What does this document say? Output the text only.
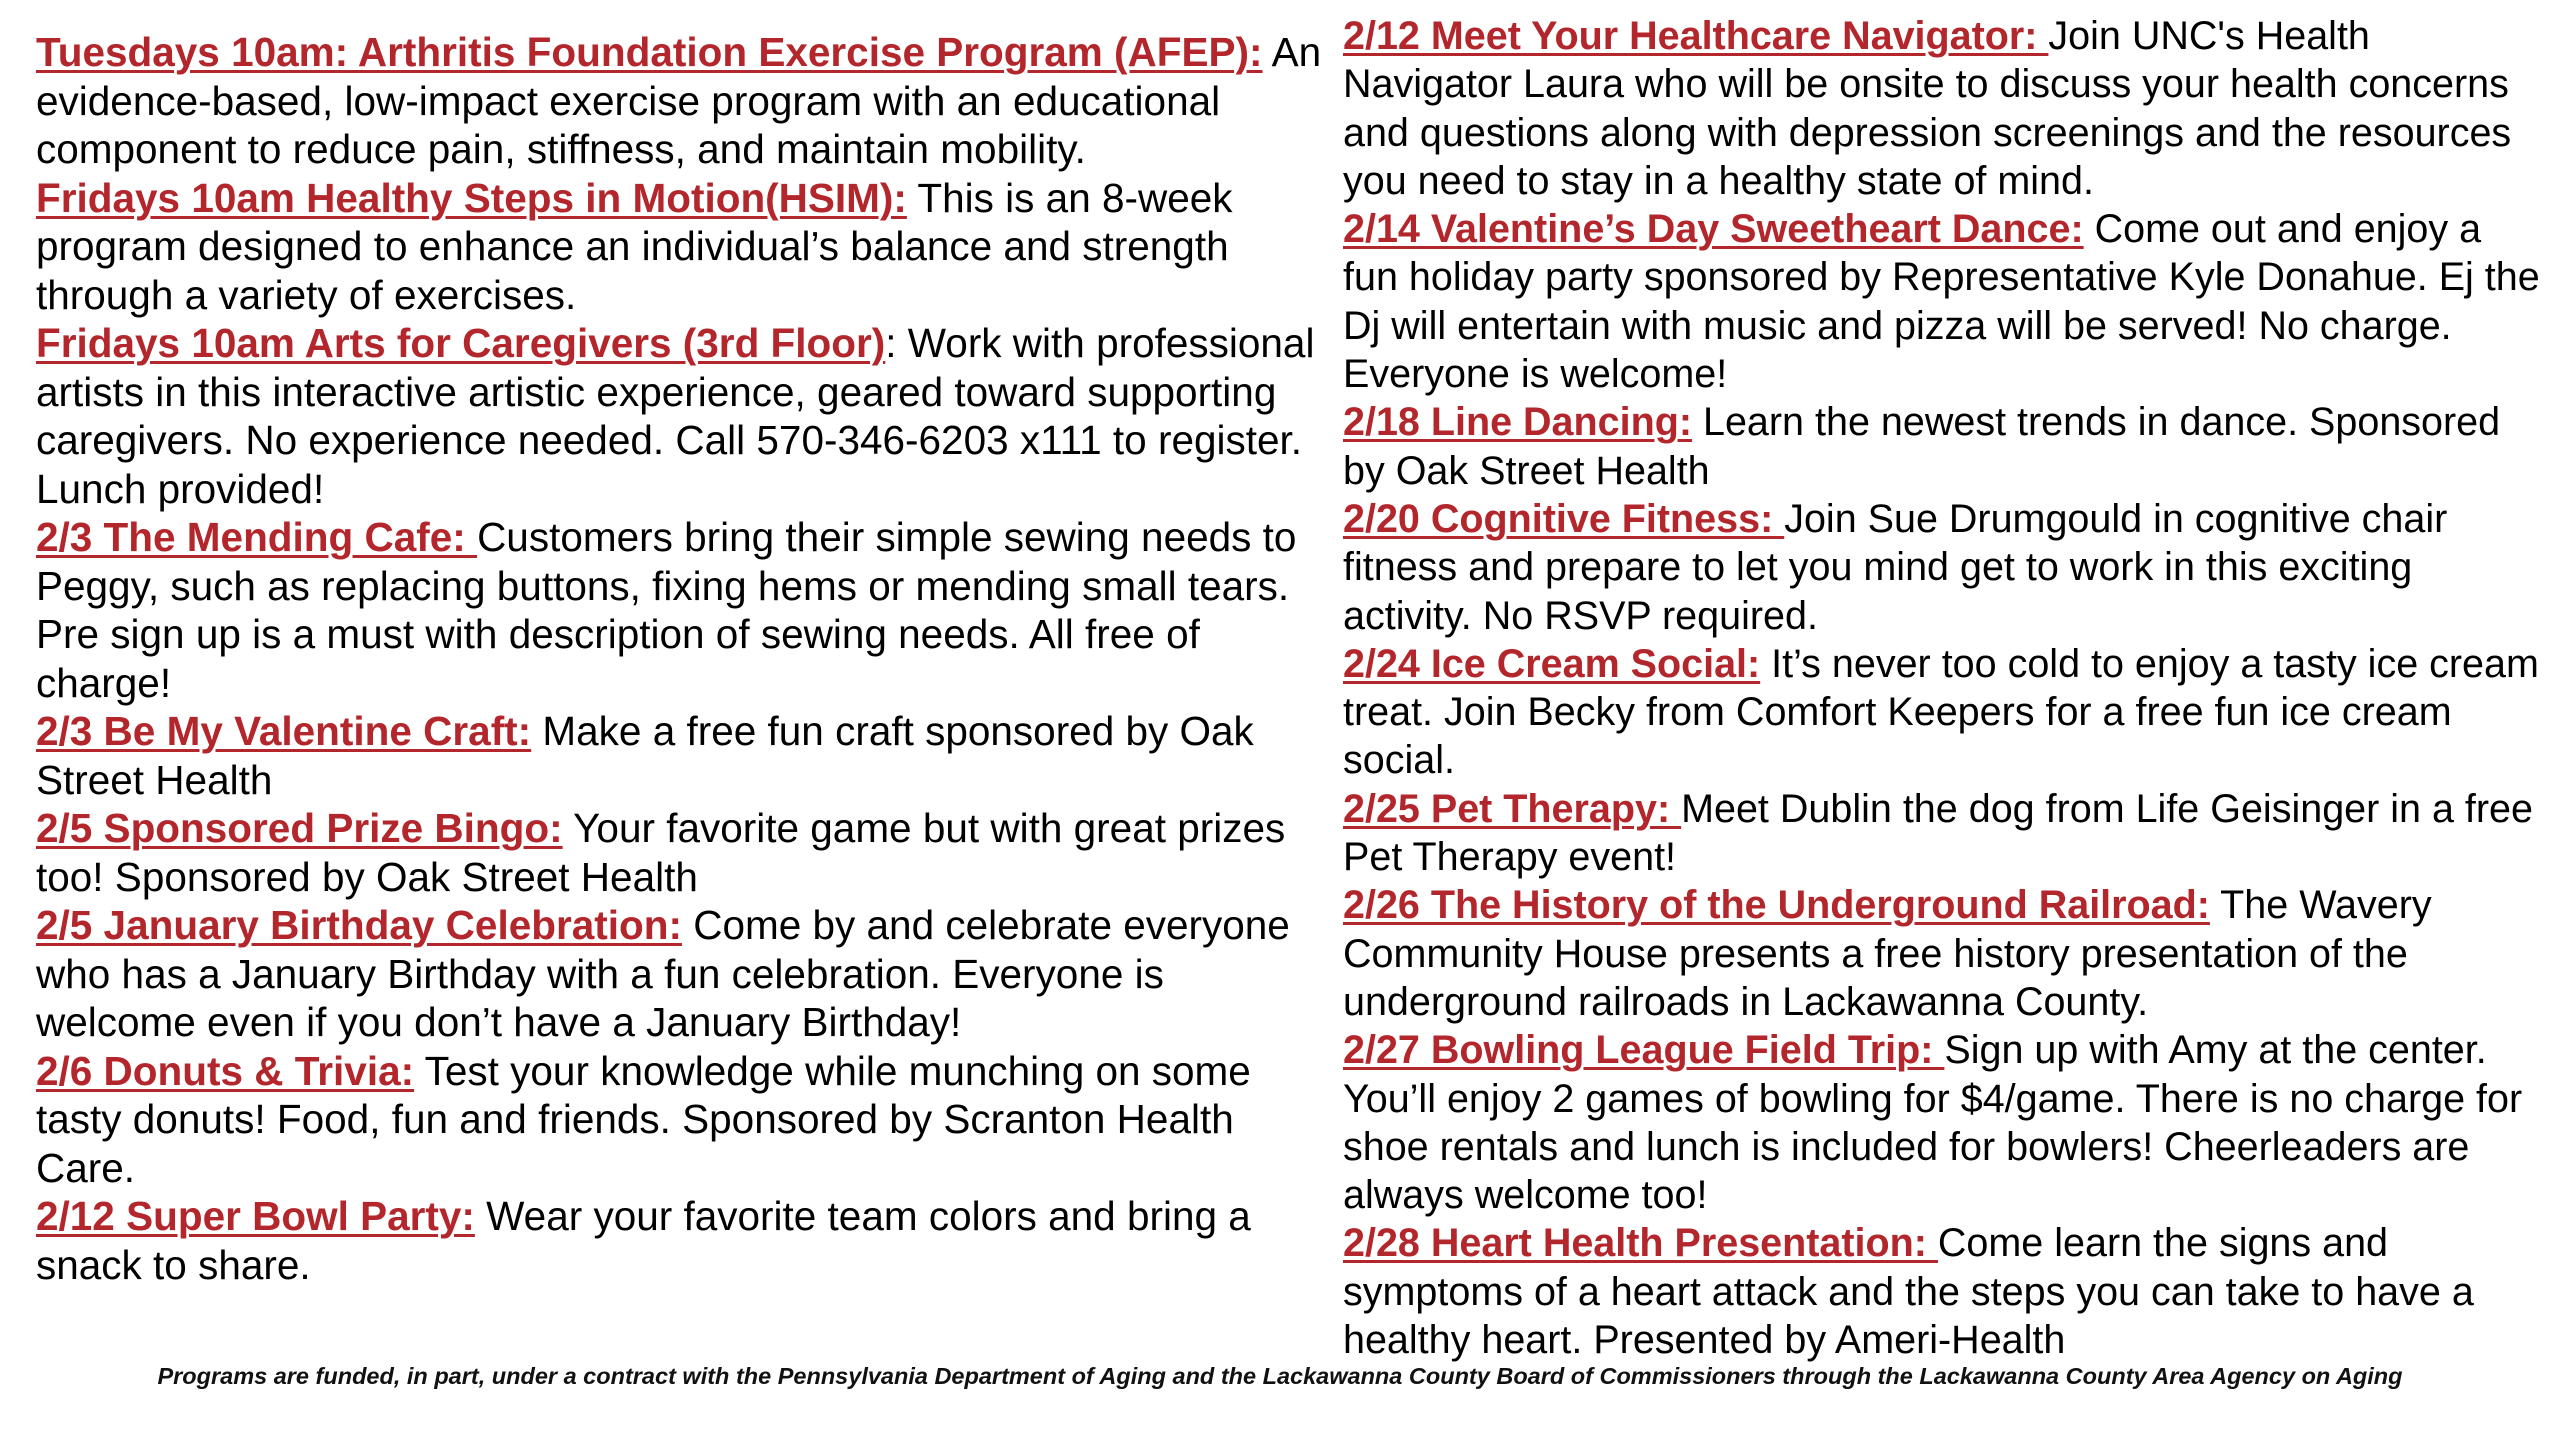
Tuesdays 10am: Arthritis Foundation Exercise Program (AFEP): An evidence-based, low-impact exercise program with an educational component to reduce pain, stiffness, and maintain mobility.

Fridays 10am Healthy Steps in Motion(HSIM): This is an 8-week program designed to enhance an individual’s balance and strength through a variety of exercises.

Fridays 10am Arts for Caregivers (3rd Floor): Work with professional artists in this interactive artistic experience, geared toward supporting caregivers. No experience needed. Call 570-346-6203 x111 to register. Lunch provided!

2/3 The Mending Cafe: Customers bring their simple sewing needs to Peggy, such as replacing buttons, fixing hems or mending small tears. Pre sign up is a must with description of sewing needs. All free of charge!

2/3 Be My Valentine Craft: Make a free fun craft sponsored by Oak Street Health

2/5 Sponsored Prize Bingo: Your favorite game but with great prizes too! Sponsored by Oak Street Health

2/5 January Birthday Celebration: Come by and celebrate everyone who has a January Birthday with a fun celebration. Everyone is welcome even if you don’t have a January Birthday!

2/6 Donuts & Trivia: Test your knowledge while munching on some tasty donuts! Food, fun and friends. Sponsored by Scranton Health Care.

2/12 Super Bowl Party: Wear your favorite team colors and bring a snack to share.

2/12 Meet Your Healthcare Navigator: Join UNC's Health Navigator Laura who will be onsite to discuss your health concerns and questions along with depression screenings and the resources you need to stay in a healthy state of mind.

2/14 Valentine’s Day Sweetheart Dance: Come out and enjoy a fun holiday party sponsored by Representative Kyle Donahue. Ej the Dj will entertain with music and pizza will be served! No charge. Everyone is welcome!

2/18 Line Dancing: Learn the newest trends in dance. Sponsored by Oak Street Health

2/20 Cognitive Fitness: Join Sue Drumgould in cognitive chair fitness and prepare to let you mind get to work in this exciting activity. No RSVP required.

2/24 Ice Cream Social: It’s never too cold to enjoy a tasty ice cream treat. Join Becky from Comfort Keepers for a free fun ice cream social.

2/25 Pet Therapy: Meet Dublin the dog from Life Geisinger in a free Pet Therapy event!

2/26 The History of the Underground Railroad: The Wavery Community House presents a free history presentation of the underground railroads in Lackawanna County.

2/27 Bowling League Field Trip: Sign up with Amy at the center. You’ll enjoy 2 games of bowling for $4/game. There is no charge for shoe rentals and lunch is included for bowlers! Cheerleaders are always welcome too!

2/28 Heart Health Presentation: Come learn the signs and symptoms of a heart attack and the steps you can take to have a healthy heart. Presented by Ameri-Health

Programs are funded, in part, under a contract with the Pennsylvania Department of Aging and the Lackawanna County Board of Commissioners through the Lackawanna County Area Agency on Aging
